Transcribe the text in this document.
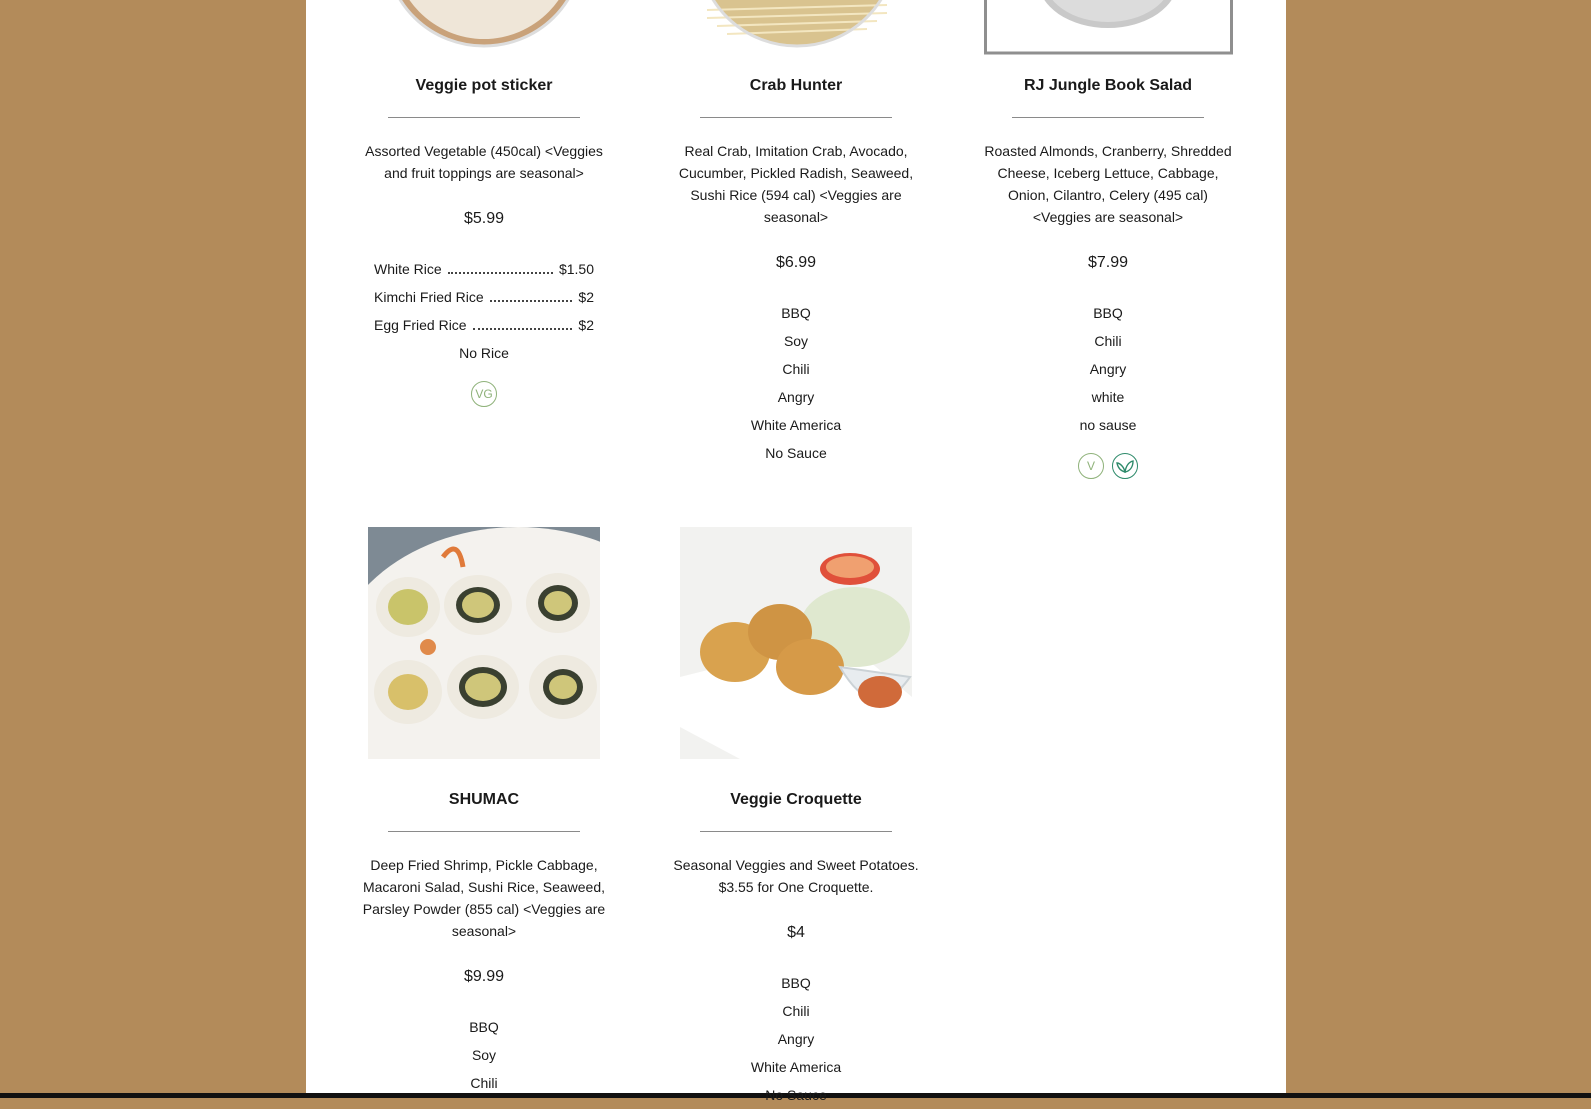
Veggie pot sticker

Assorted Vegetable (450cal) <Veggies and fruit toppings are seasonal>

$5.99
White Rice	$1.50
Kimchi Fried Rice	$2
Egg Fried Rice	$2
No Rice
VG
Crab Hunter

Real Crab, Imitation Crab, Avocado, Cucumber, Pickled Radish, Seaweed, Sushi Rice (594 cal) <Veggies are seasonal>

$6.99
BBQ
Soy
Chili
Angry
White America
No Sauce
RJ Jungle Book Salad

Roasted Almonds, Cranberry, Shredded Cheese, Iceberg Lettuce, Cabbage, Onion, Cilantro, Celery (495 cal) <Veggies are seasonal>

$7.99
BBQ
Chili
Angry
white
no sause
V
SHUMAC

Deep Fried Shrimp, Pickle Cabbage, Macaroni Salad, Sushi Rice, Seaweed, Parsley Powder (855 cal) <Veggies are seasonal>

$9.99
BBQ
Soy
Chili
Veggie Croquette

Seasonal Veggies and Sweet Potatoes. $3.55 for One Croquette.

$4
BBQ
Chili
Angry
White America
No Sauce
